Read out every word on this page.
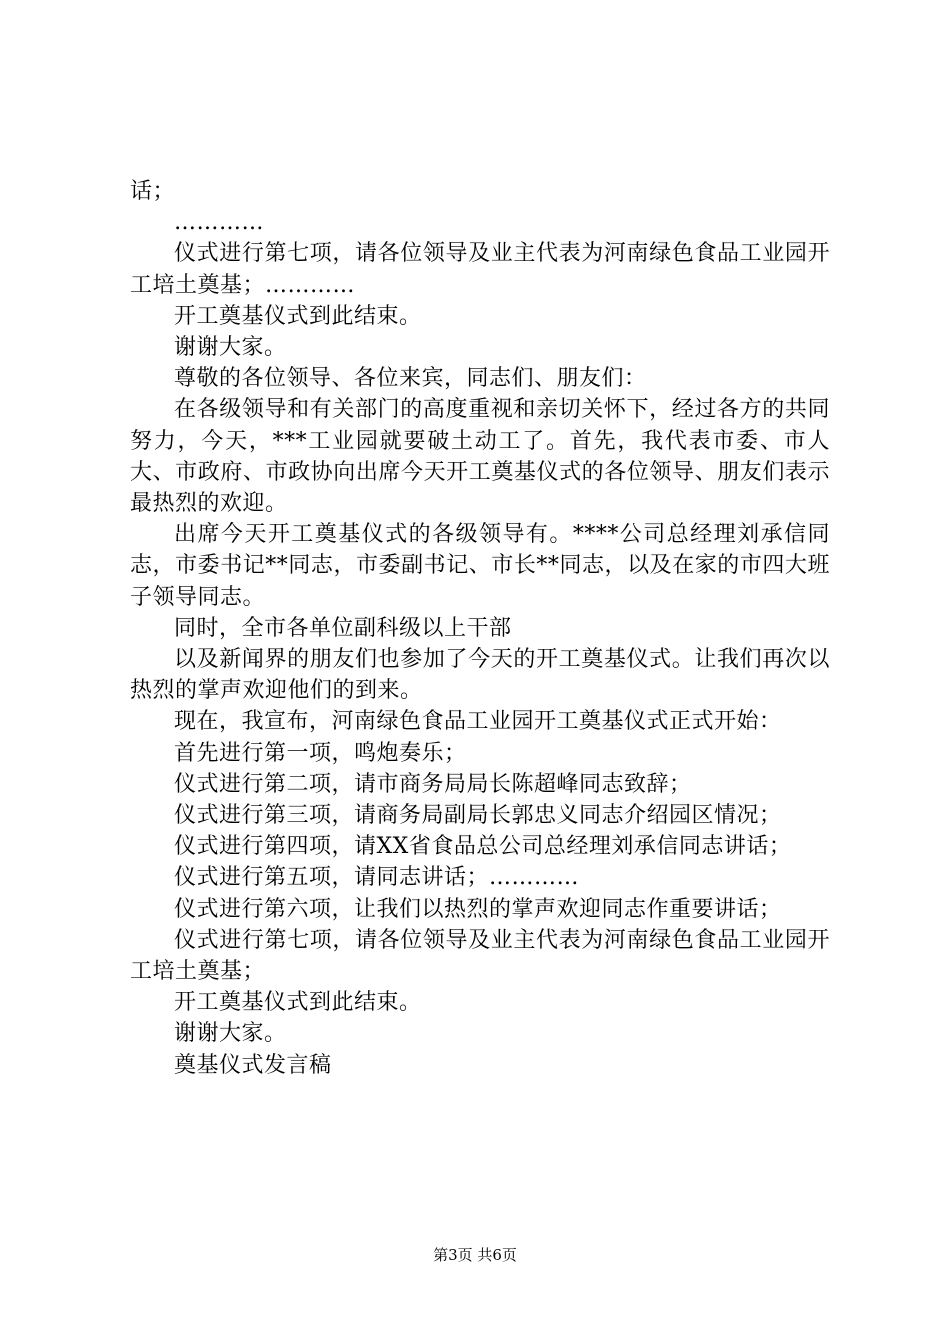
话；

…………

仪式进行第七项，请各位领导及业主代表为河南绿色食品工业园开工培土奠基；…………

开工奠基仪式到此结束。

谢谢大家。

尊敬的各位领导、各位来宾，同志们、朋友们：

在各级领导和有关部门的高度重视和亲切关怀下，经过各方的共同努力，今天，***工业园就要破土动工了。首先，我代表市委、市人大、市政府、市政协向出席今天开工奠基仪式的各位领导、朋友们表示最热烈的欢迎。

出席今天开工奠基仪式的各级领导有。****公司总经理刘承信同志，市委书记**同志，市委副书记、市长**同志，以及在家的市四大班子领导同志。

同时，全市各单位副科级以上干部

以及新闻界的朋友们也参加了今天的开工奠基仪式。让我们再次以热烈的掌声欢迎他们的到来。

现在，我宣布，河南绿色食品工业园开工奠基仪式正式开始：

首先进行第一项，鸣炮奏乐；

仪式进行第二项，请市商务局局长陈超峰同志致辞；

仪式进行第三项，请商务局副局长郭忠义同志介绍园区情况；

仪式进行第四项，请XX省食品总公司总经理刘承信同志讲话；

仪式进行第五项，请同志讲话；…………

仪式进行第六项，让我们以热烈的掌声欢迎同志作重要讲话；

仪式进行第七项，请各位领导及业主代表为河南绿色食品工业园开工培土奠基；

开工奠基仪式到此结束。

谢谢大家。

奠基仪式发言稿

第3页 共6页
